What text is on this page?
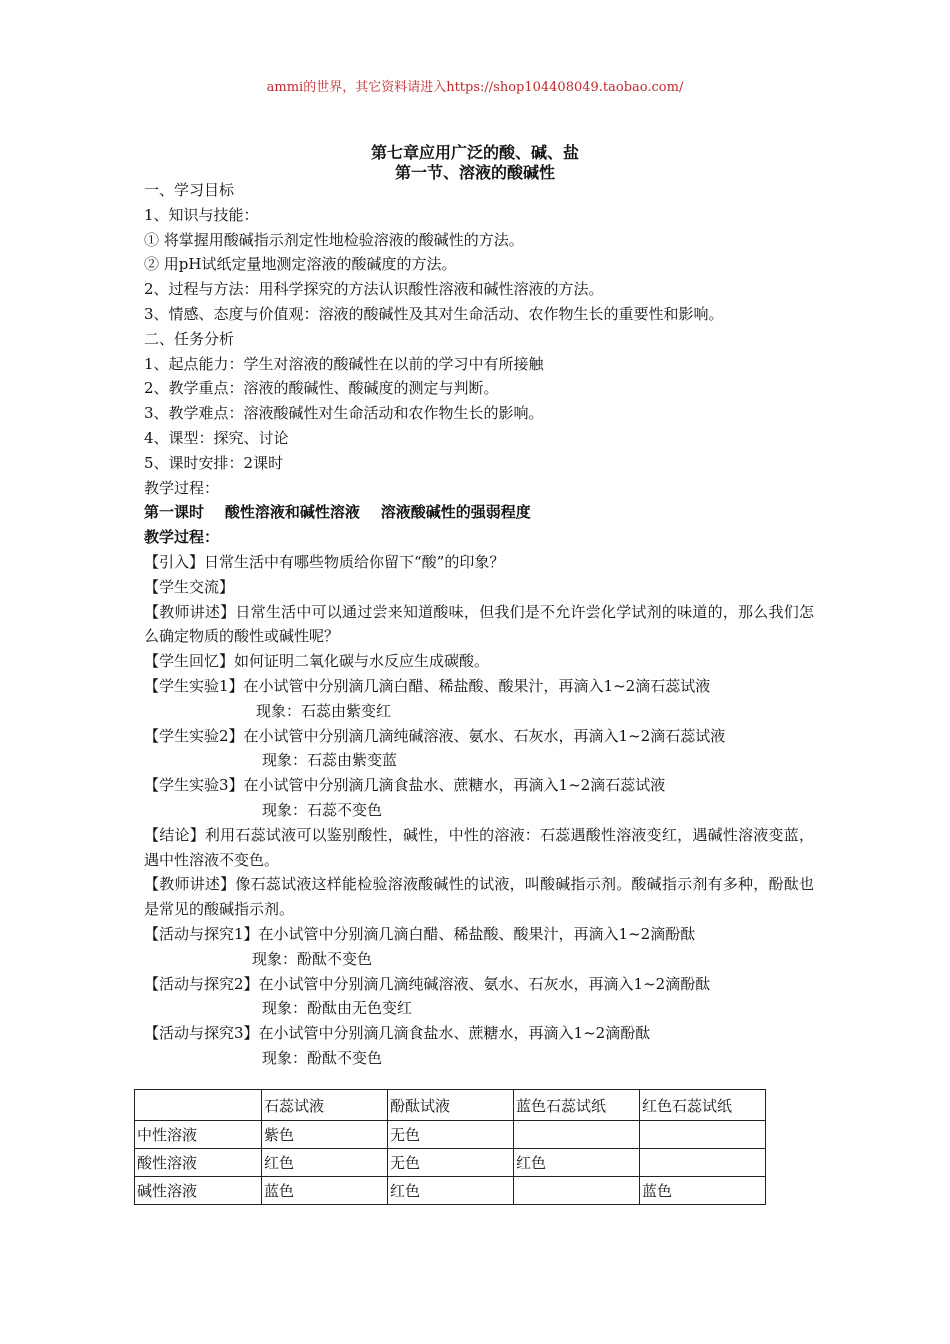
ammi的世界，其它资料请进入https://shop104408049.taobao.com/
第七章应用广泛的酸、碱、盐
第一节、溶液的酸碱性
一、学习目标
1、知识与技能：
① 将掌握用酸碱指示剂定性地检验溶液的酸碱性的方法。
② 用pH试纸定量地测定溶液的酸碱度的方法。
2、过程与方法：用科学探究的方法认识酸性溶液和碱性溶液的方法。
3、情感、态度与价值观：溶液的酸碱性及其对生命活动、农作物生长的重要性和影响。
二、任务分析
1、起点能力：学生对溶液的酸碱性在以前的学习中有所接触
2、教学重点：溶液的酸碱性、酸碱度的测定与判断。
3、教学难点：溶液酸碱性对生命活动和农作物生长的影响。
4、课型：探究、讨论
5、课时安排：2课时
教学过程：
第一课时    酸性溶液和碱性溶液    溶液酸碱性的强弱程度
教学过程：
【引入】日常生活中有哪些物质给你留下“酸”的印象？
【学生交流】
【教师讲述】日常生活中可以通过尝来知道酸味，但我们是不允许尝化学试剂的味道的，那么我们怎么确定物质的酸性或碱性呢？
【学生回忆】如何证明二氧化碳与水反应生成碳酸。
【学生实验1】在小试管中分别滴几滴白醋、稀盐酸、酸果汁，再滴入1~2滴石蕊试液
现象：石蕊由紫变红
【学生实验2】在小试管中分别滴几滴纯碱溶液、氨水、石灰水，再滴入1~2滴石蕊试液
现象：石蕊由紫变蓝
【学生实验3】在小试管中分别滴几滴食盐水、蔗糖水，再滴入1~2滴石蕊试液
现象：石蕊不变色
【结论】利用石蕊试液可以鉴别酸性，碱性，中性的溶液：石蕊遇酸性溶液变红，遇碱性溶液变蓝，遇中性溶液不变色。
【教师讲述】像石蕊试液这样能检验溶液酸碱性的试液，叫酸碱指示剂。酸碱指示剂有多种，酚酞也是常见的酸碱指示剂。
【活动与探究1】在小试管中分别滴几滴白醋、稀盐酸、酸果汁，再滴入1~2滴酚酞
现象：酚酞不变色
【活动与探究2】在小试管中分别滴几滴纯碱溶液、氨水、石灰水，再滴入1~2滴酚酞
现象：酚酞由无色变红
【活动与探究3】在小试管中分别滴几滴食盐水、蔗糖水，再滴入1~2滴酚酞
现象：酚酞不变色
	石蕊试液	酚酞试液	蓝色石蕊试纸	红色石蕊试纸
中性溶液	紫色	无色		
酸性溶液	红色	无色	红色	
碱性溶液	蓝色	红色		蓝色
